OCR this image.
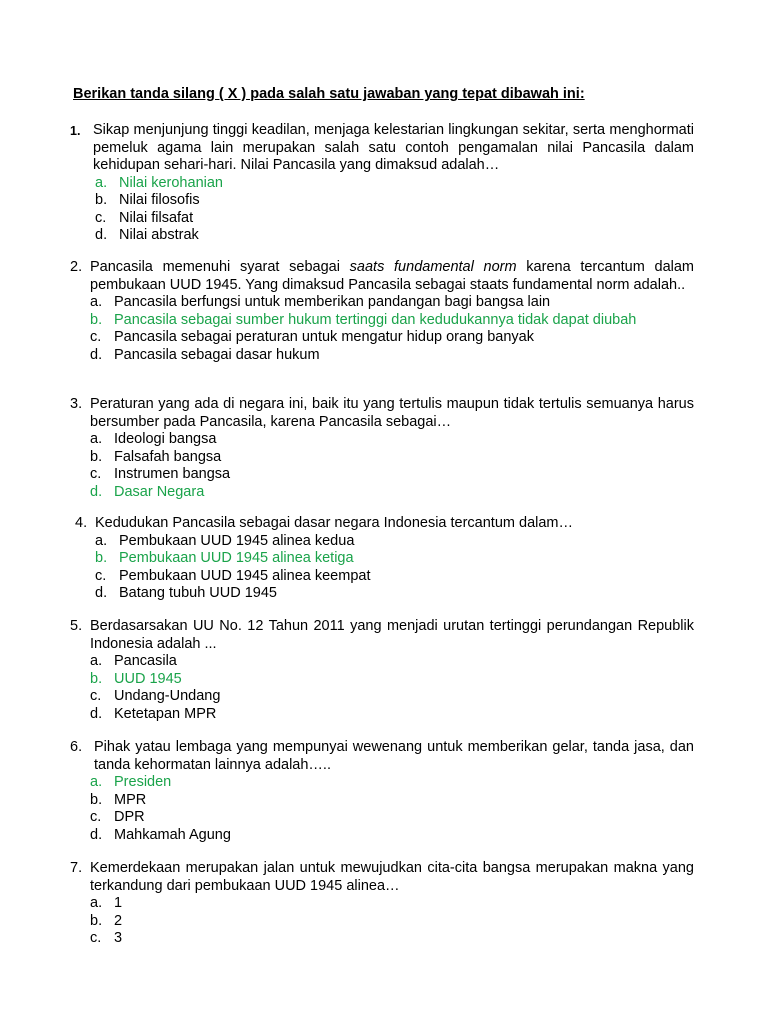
Berikan tanda silang ( X ) pada salah satu jawaban yang tepat dibawah ini:
1. Sikap menjunjung tinggi keadilan, menjaga kelestarian lingkungan sekitar, serta menghormati pemeluk agama lain merupakan salah satu contoh pengamalan nilai Pancasila dalam kehidupan sehari-hari. Nilai Pancasila yang dimaksud adalah…
a. Nilai kerohanian
b. Nilai filosofis
c. Nilai filsafat
d. Nilai abstrak
2. Pancasila memenuhi syarat sebagai saats fundamental norm karena tercantum dalam pembukaan UUD 1945. Yang dimaksud Pancasila sebagai staats fundamental norm adalah..
a. Pancasila berfungsi untuk memberikan pandangan bagi bangsa lain
b. Pancasila sebagai sumber hukum tertinggi dan kedudukannya tidak dapat diubah
c. Pancasila sebagai peraturan untuk mengatur hidup orang banyak
d. Pancasila sebagai dasar hukum
3. Peraturan yang ada di negara ini, baik itu yang tertulis maupun tidak tertulis semuanya harus bersumber pada Pancasila, karena Pancasila sebagai…
a. Ideologi bangsa
b. Falsafah bangsa
c. Instrumen bangsa
d. Dasar Negara
4. Kedudukan Pancasila sebagai dasar negara Indonesia tercantum dalam…
a. Pembukaan UUD 1945 alinea kedua
b. Pembukaan UUD 1945 alinea ketiga
c. Pembukaan UUD 1945 alinea keempat
d. Batang tubuh UUD 1945
5. Berdasarsakan UU No. 12 Tahun 2011 yang menjadi urutan tertinggi perundangan Republik Indonesia adalah ...
a. Pancasila
b. UUD 1945
c. Undang-Undang
d. Ketetapan MPR
6. Pihak yatau lembaga yang mempunyai wewenang untuk memberikan gelar, tanda jasa, dan tanda kehormatan lainnya adalah…..
a. Presiden
b. MPR
c. DPR
d. Mahkamah Agung
7. Kemerdekaan merupakan jalan untuk mewujudkan cita-cita bangsa merupakan makna yang terkandung dari pembukaan UUD 1945 alinea…
a. 1
b. 2
c. 3
